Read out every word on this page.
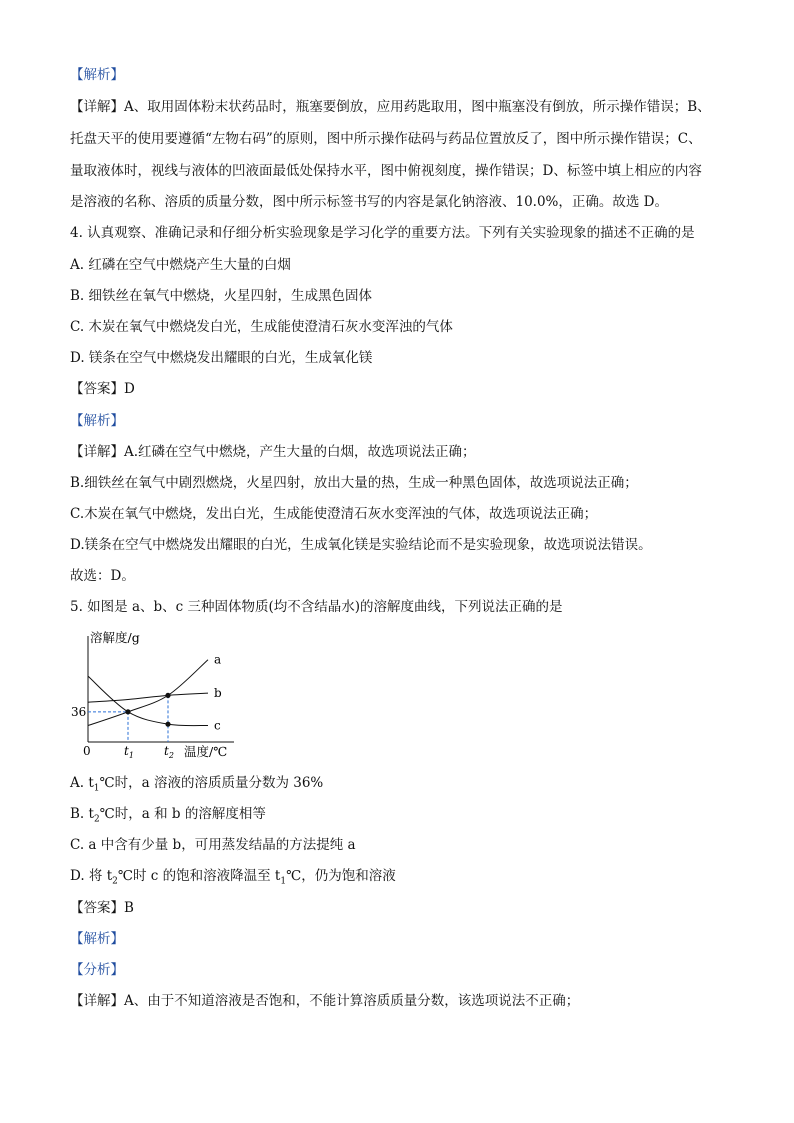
【解析】
【详解】A、取用固体粉末状药品时，瓶塞要倒放，应用药匙取用，图中瓶塞没有倒放，所示操作错误；B、
托盘天平的使用要遵循“左物右码”的原则，图中所示操作砝码与药品位置放反了，图中所示操作错误；C、
量取液体时，视线与液体的凹液面最低处保持水平，图中俯视刻度，操作错误；D、标签中填上相应的内容
是溶液的名称、溶质的质量分数，图中所示标签书写的内容是氯化钠溶液、10.0%，正确。故选 D。
4. 认真观察、准确记录和仔细分析实验现象是学习化学的重要方法。下列有关实验现象的描述不正确的是
A. 红磷在空气中燃烧产生大量的白烟
B. 细铁丝在氧气中燃烧，火星四射，生成黑色固体
C. 木炭在氧气中燃烧发白光，生成能使澄清石灰水变浑浊的气体
D. 镁条在空气中燃烧发出耀眼的白光，生成氧化镁
【答案】D
【解析】
【详解】A.红磷在空气中燃烧，产生大量的白烟，故选项说法正确；
B.细铁丝在氧气中剧烈燃烧，火星四射，放出大量的热，生成一种黑色固体，故选项说法正确；
C.木炭在氧气中燃烧，发出白光，生成能使澄清石灰水变浑浊的气体，故选项说法正确；
D.镁条在空气中燃烧发出耀眼的白光，生成氧化镁是实验结论而不是实验现象，故选项说法错误。
故选：D。
5. 如图是 a、b、c 三种固体物质(均不含结晶水)的溶解度曲线，下列说法正确的是
溶解度/g
温度/℃
0
36
$t_1$	$t_2$
a
b
c
A. $t_1℃$时，a 溶液的溶质质量分数为 36%
B. $t_2℃$时，a 和 b 的溶解度相等
C. a 中含有少量 b，可用蒸发结晶的方法提纯 a
D. 将 $t_2℃$时 c 的饱和溶液降温至 $t_1℃$，仍为饱和溶液
【答案】B
【解析】
【分析】
【详解】A、由于不知道溶液是否饱和，不能计算溶质质量分数，该选项说法不正确；
